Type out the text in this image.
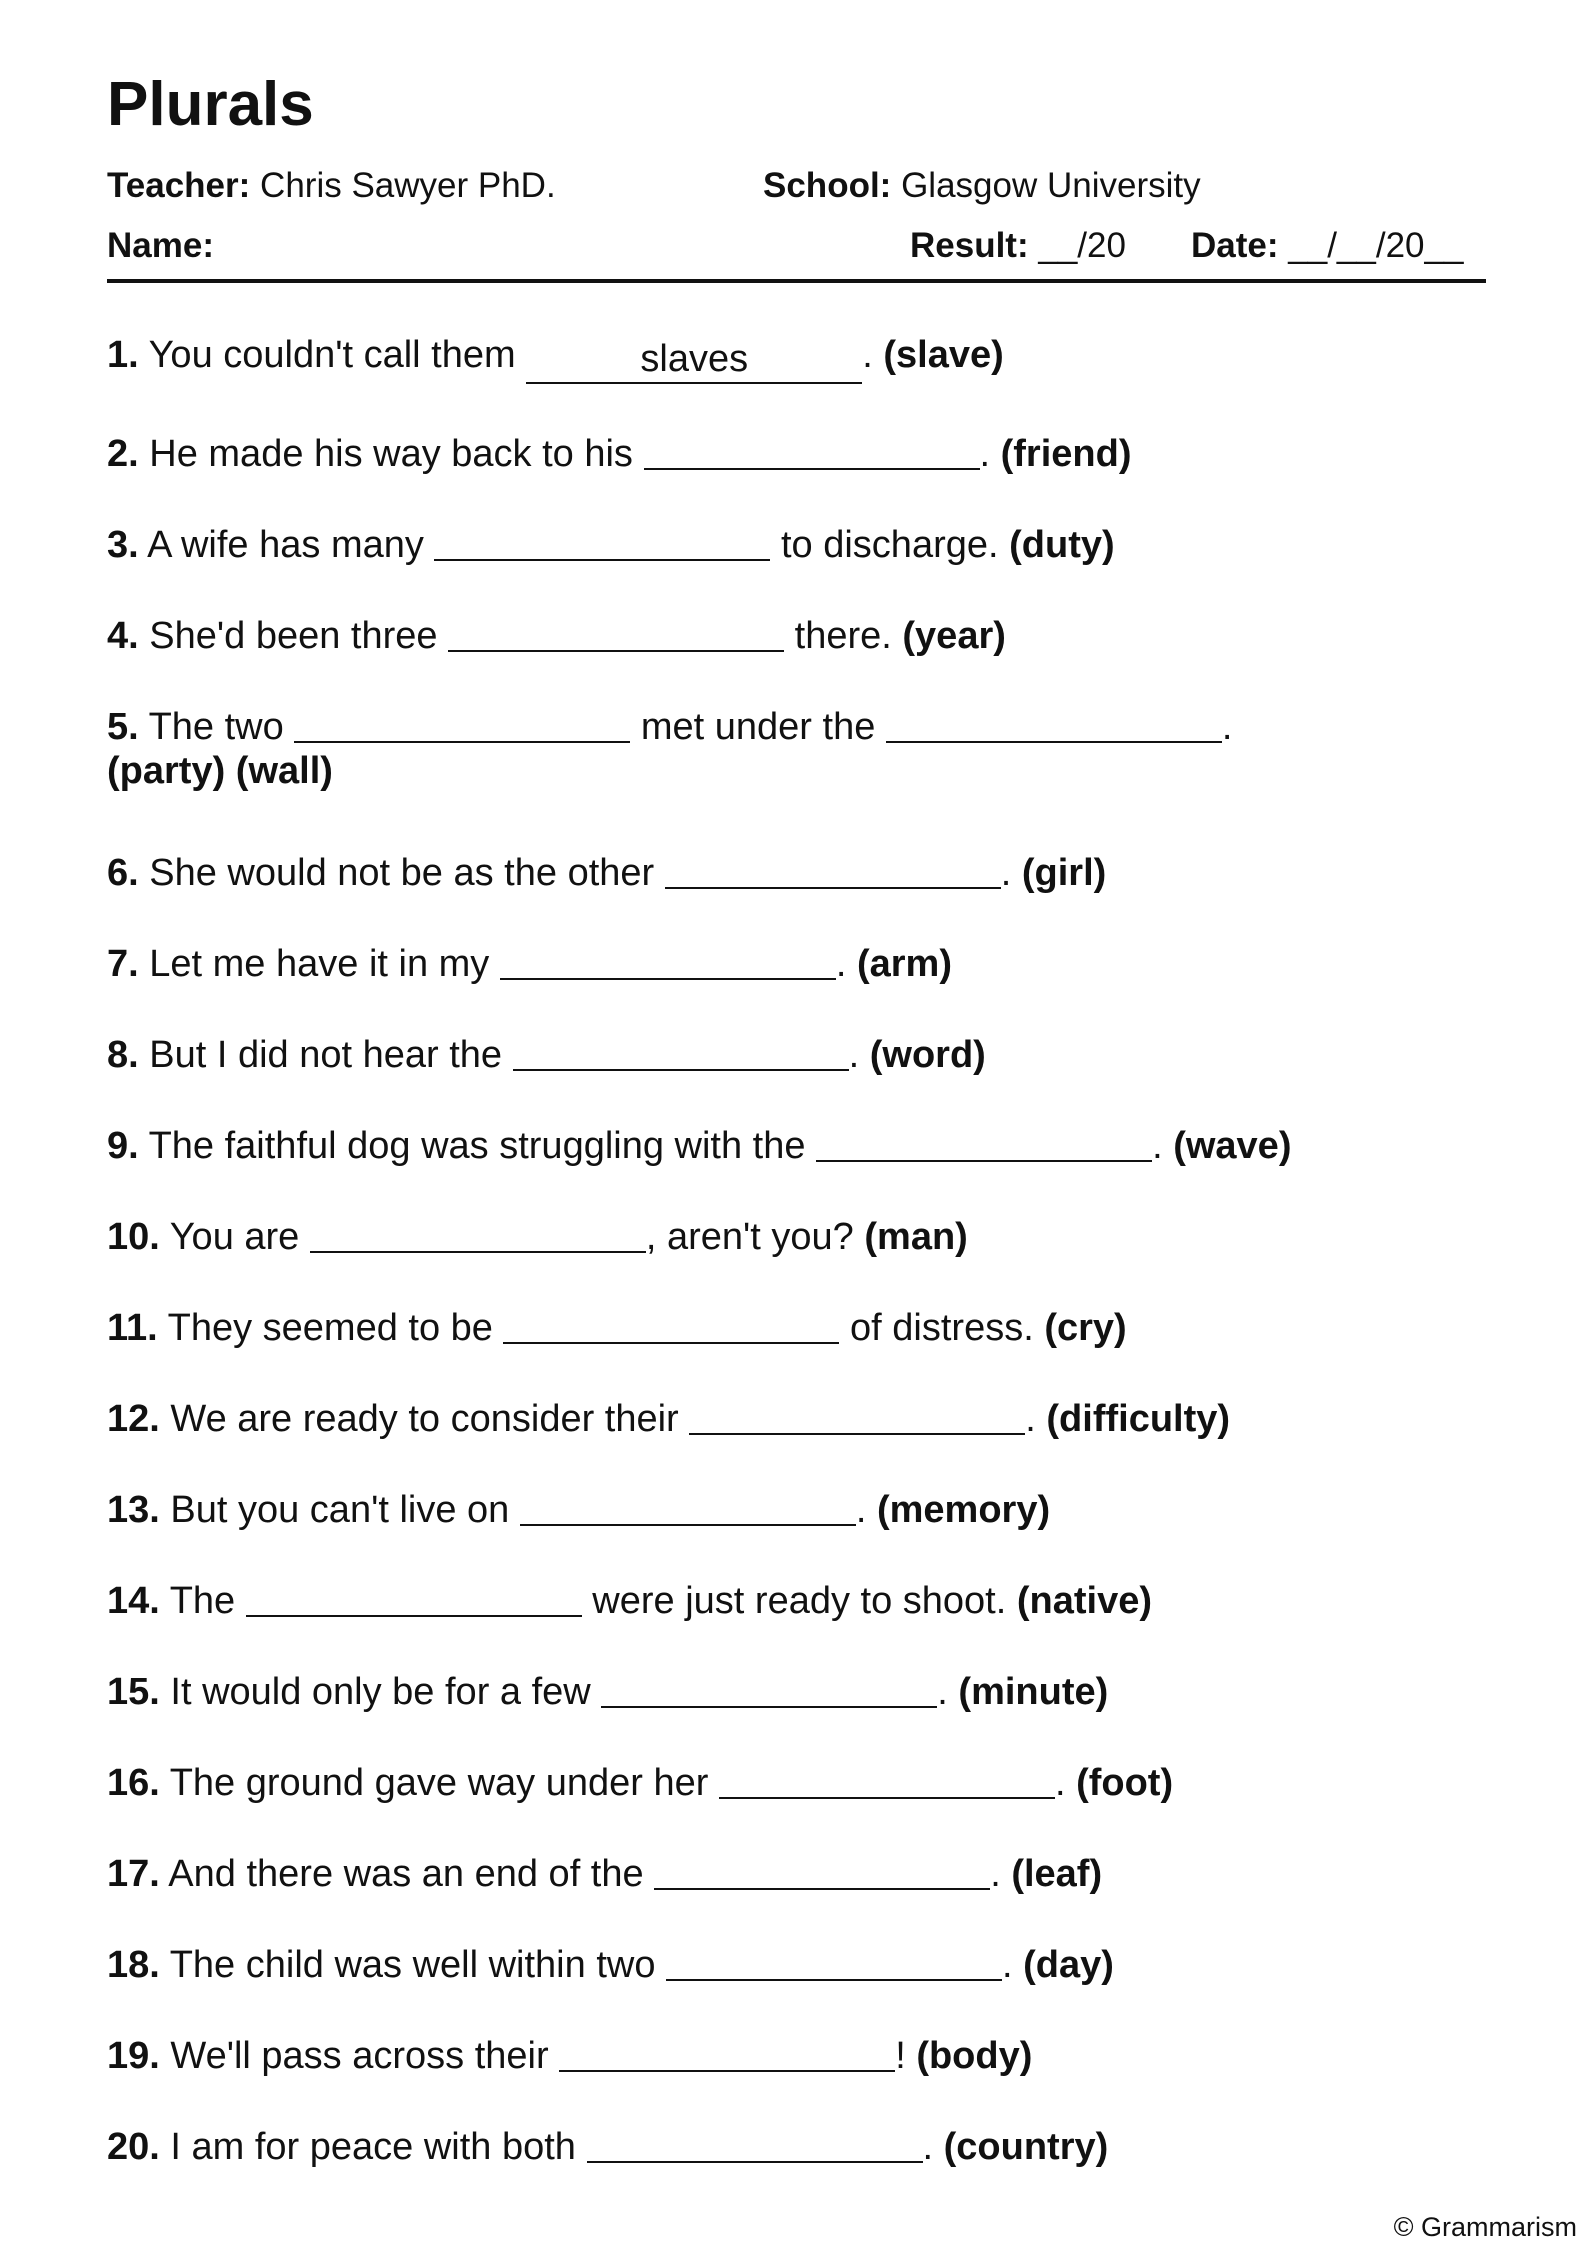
Plurals
Teacher: Chris Sawyer PhD.	School: Glasgow University
Name:	Result: __/20 Date: __/__/20__
1. You couldn't call them	slaves	. (slave)
2. He made his way back to his	. (friend)
3. A wife has many	to discharge. (duty)
4. She'd been three	there. (year)
5. The two	met under the	.
(party) (wall)
6. She would not be as the other	. (girl)
7. Let me have it in my	. (arm)
8. But I did not hear the	. (word)
9. The faithful dog was struggling with the	. (wave)
10. You are	, aren't you? (man)
11. They seemed to be	of distress. (cry)
12. We are ready to consider their	. (difficulty)
13. But you can't live on	. (memory)
14. The	were just ready to shoot. (native)
15. It would only be for a few	. (minute)
16. The ground gave way under her	. (foot)
17. And there was an end of the	. (leaf)
18. The child was well within two	. (day)
19. We'll pass across their	! (body)
20. I am for peace with both	. (country)
© Grammarism
